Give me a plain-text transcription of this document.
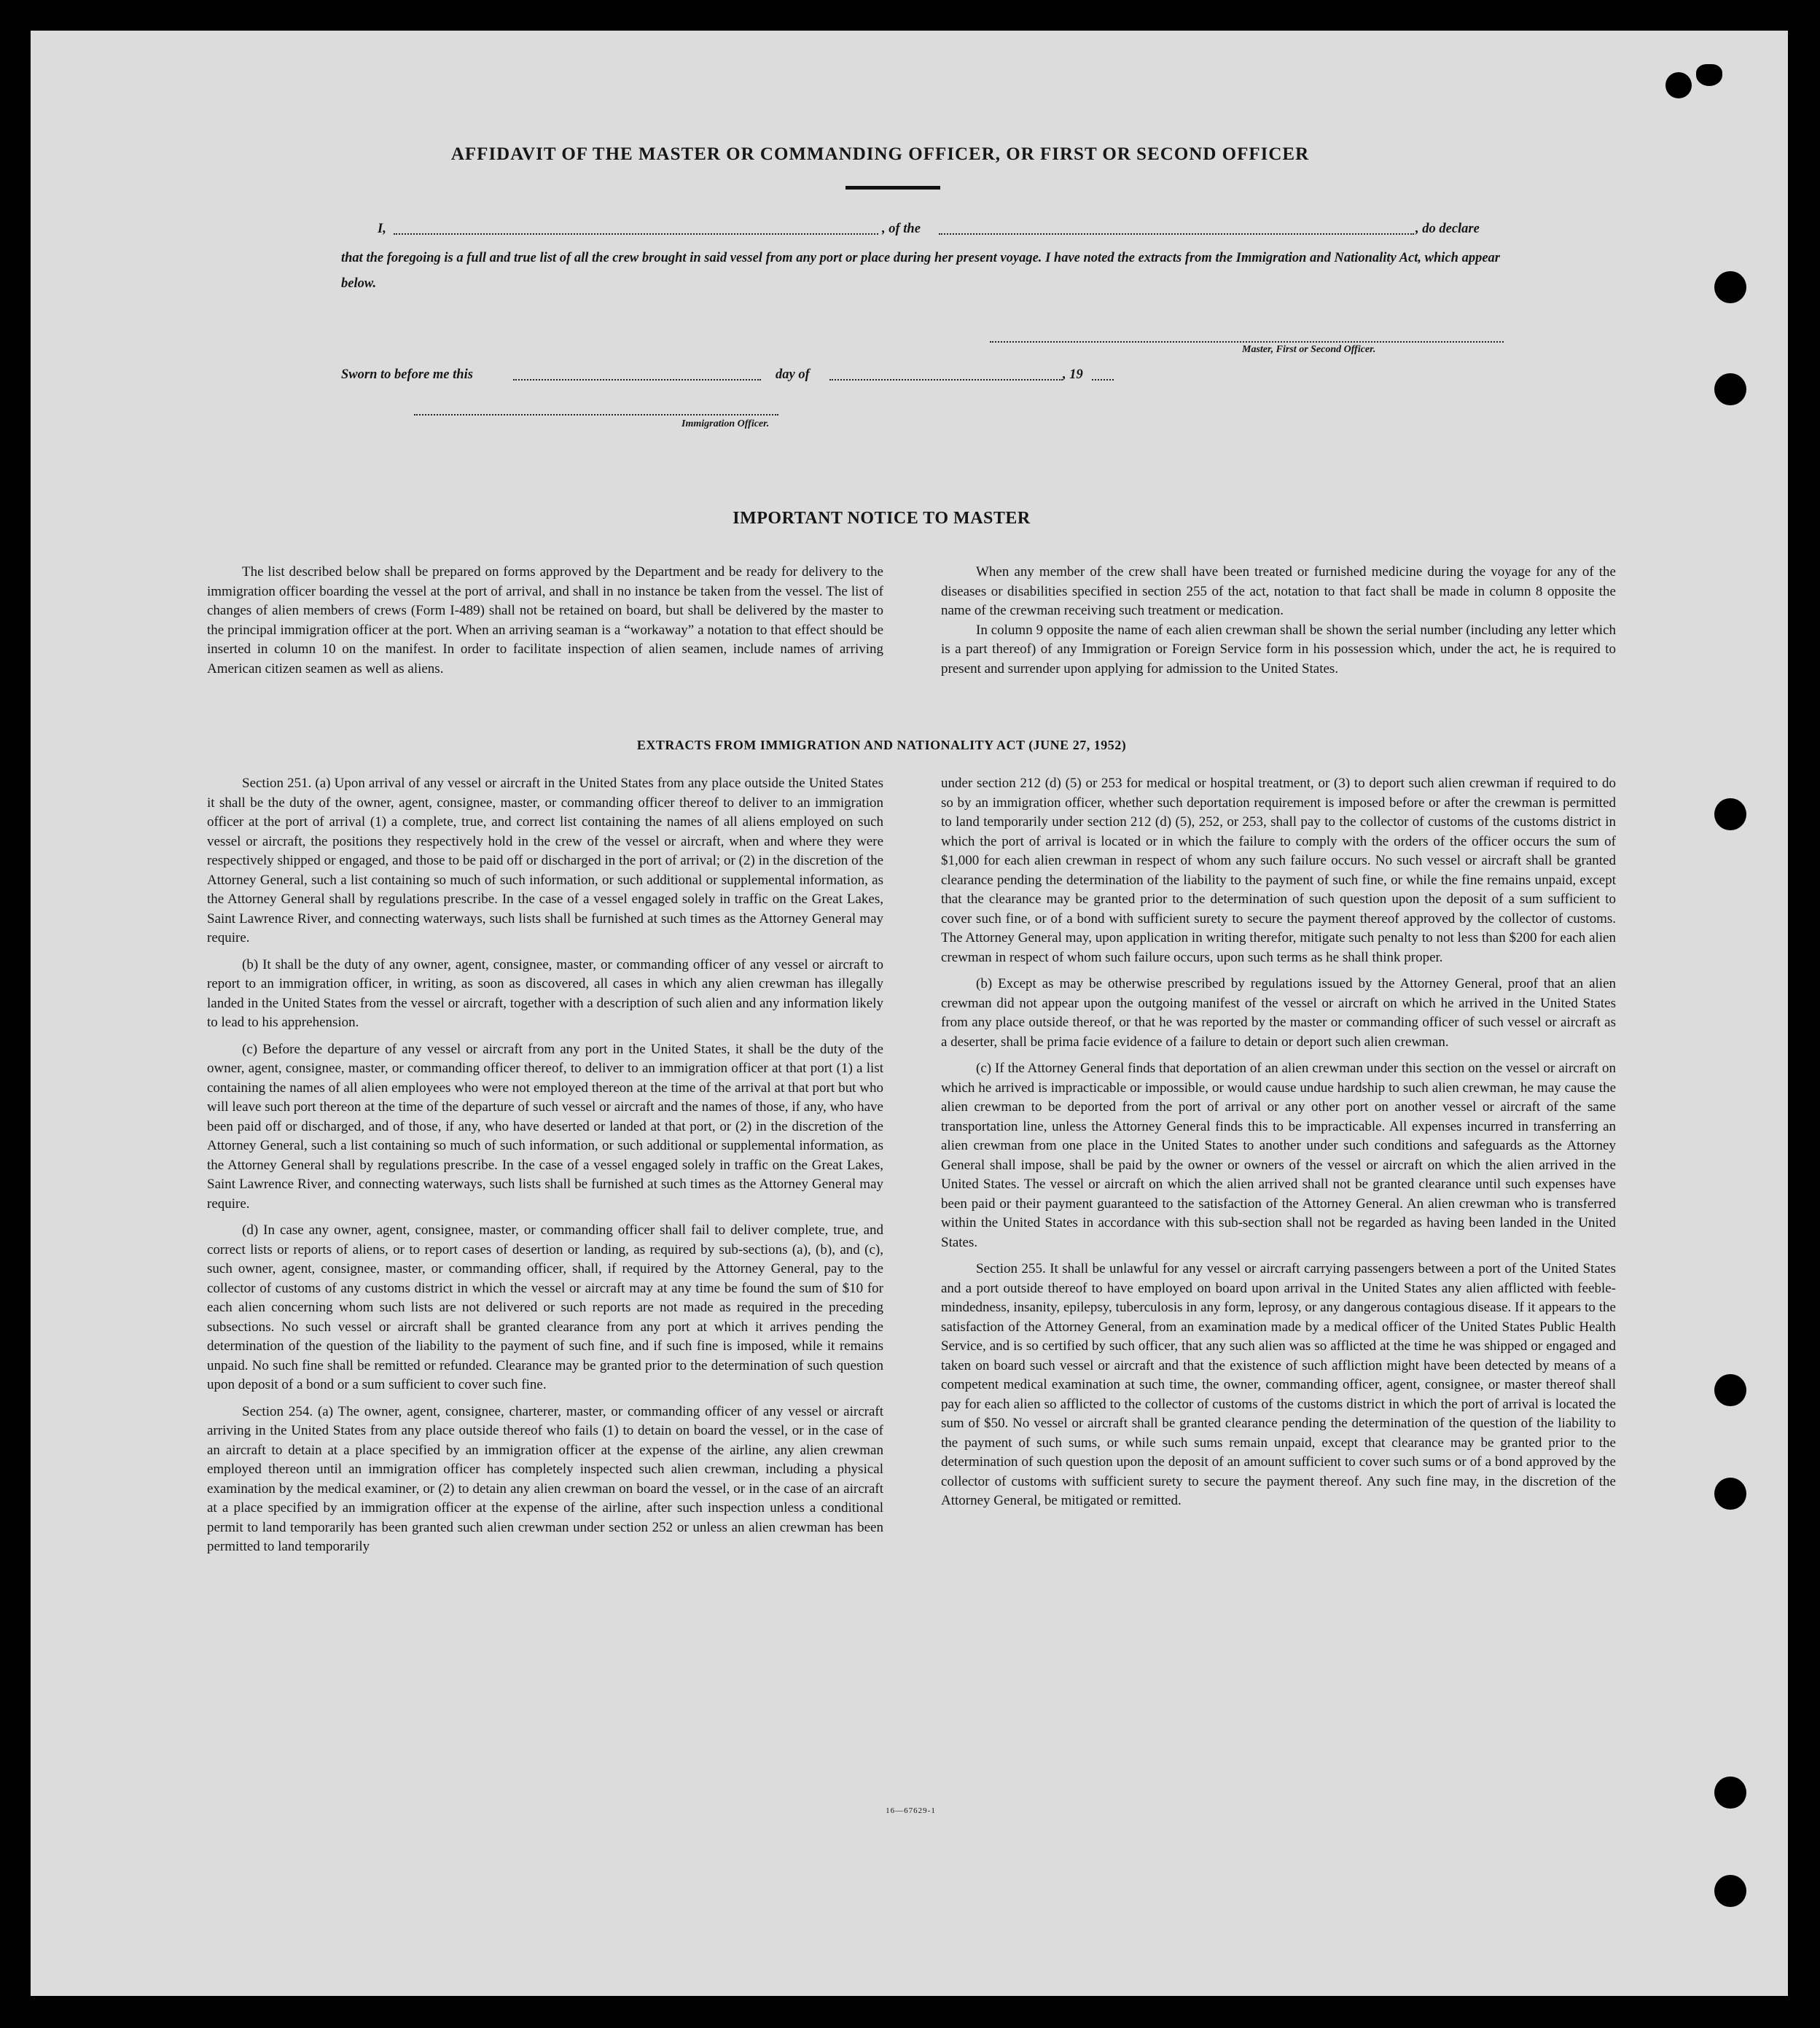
AFFIDAVIT OF THE MASTER OR COMMANDING OFFICER, OR FIRST OR SECOND OFFICER
I,	, of the	, do declare
that the foregoing is a full and true list of all the crew brought in said vessel from any port or place during her present voyage. I have noted the extracts from the Immigration and Nationality Act, which appear below.
Master, First or Second Officer.
Sworn to before me this	day of	, 19
Immigration Officer.
IMPORTANT NOTICE TO MASTER

The list described below shall be prepared on forms approved by the Department and be ready for delivery to the immigration officer boarding the vessel at the port of arrival, and shall in no instance be taken from the vessel. The list of changes of alien members of crews (Form I-489) shall not be retained on board, but shall be delivered by the master to the principal immigration officer at the port. When an arriving seaman is a “workaway” a notation to that effect should be inserted in column 10 on the manifest. In order to facilitate inspection of alien seamen, include names of arriving American citizen seamen as well as aliens.

When any member of the crew shall have been treated or furnished medicine during the voyage for any of the diseases or disabilities specified in section 255 of the act, notation to that fact shall be made in column 8 opposite the name of the crewman receiving such treatment or medication.

In column 9 opposite the name of each alien crewman shall be shown the serial number (including any letter which is a part thereof) of any Immigration or Foreign Service form in his possession which, under the act, he is required to present and surrender upon applying for admission to the United States.

EXTRACTS FROM IMMIGRATION AND NATIONALITY ACT (JUNE 27, 1952)

Section 251. (a) Upon arrival of any vessel or aircraft in the United States from any place outside the United States it shall be the duty of the owner, agent, consignee, master, or commanding officer thereof to deliver to an immigration officer at the port of arrival (1) a complete, true, and correct list containing the names of all aliens employed on such vessel or aircraft, the positions they respectively hold in the crew of the vessel or aircraft, when and where they were respectively shipped or engaged, and those to be paid off or discharged in the port of arrival; or (2) in the discretion of the Attorney General, such a list containing so much of such information, or such additional or supplemental information, as the Attorney General shall by regulations prescribe. In the case of a vessel engaged solely in traffic on the Great Lakes, Saint Lawrence River, and connecting waterways, such lists shall be furnished at such times as the Attorney General may require.

(b) It shall be the duty of any owner, agent, consignee, master, or commanding officer of any vessel or aircraft to report to an immigration officer, in writing, as soon as discovered, all cases in which any alien crewman has illegally landed in the United States from the vessel or aircraft, together with a description of such alien and any information likely to lead to his apprehension.

(c) Before the departure of any vessel or aircraft from any port in the United States, it shall be the duty of the owner, agent, consignee, master, or commanding officer thereof, to deliver to an immigration officer at that port (1) a list containing the names of all alien employees who were not employed thereon at the time of the arrival at that port but who will leave such port thereon at the time of the departure of such vessel or aircraft and the names of those, if any, who have been paid off or discharged, and of those, if any, who have deserted or landed at that port, or (2) in the discretion of the Attorney General, such a list containing so much of such information, or such additional or supplemental information, as the Attorney General shall by regulations prescribe. In the case of a vessel engaged solely in traffic on the Great Lakes, Saint Lawrence River, and connecting waterways, such lists shall be furnished at such times as the Attorney General may require.

(d) In case any owner, agent, consignee, master, or commanding officer shall fail to deliver complete, true, and correct lists or reports of aliens, or to report cases of desertion or landing, as required by sub-sections (a), (b), and (c), such owner, agent, consignee, master, or commanding officer, shall, if required by the Attorney General, pay to the collector of customs of any customs district in which the vessel or aircraft may at any time be found the sum of $10 for each alien concerning whom such lists are not delivered or such reports are not made as required in the preceding subsections. No such vessel or aircraft shall be granted clearance from any port at which it arrives pending the determination of the question of the liability to the payment of such fine, and if such fine is imposed, while it remains unpaid. No such fine shall be remitted or refunded. Clearance may be granted prior to the determination of such question upon deposit of a bond or a sum sufficient to cover such fine.

Section 254. (a) The owner, agent, consignee, charterer, master, or commanding officer of any vessel or aircraft arriving in the United States from any place outside thereof who fails (1) to detain on board the vessel, or in the case of an aircraft to detain at a place specified by an immigration officer at the expense of the airline, any alien crewman employed thereon until an immigration officer has completely inspected such alien crewman, including a physical examination by the medical examiner, or (2) to detain any alien crewman on board the vessel, or in the case of an aircraft at a place specified by an immigration officer at the expense of the airline, after such inspection unless a conditional permit to land temporarily has been granted such alien crewman under section 252 or unless an alien crewman has been permitted to land temporarily

under section 212 (d) (5) or 253 for medical or hospital treatment, or (3) to deport such alien crewman if required to do so by an immigration officer, whether such deportation requirement is imposed before or after the crewman is permitted to land temporarily under section 212 (d) (5), 252, or 253, shall pay to the collector of customs of the customs district in which the port of arrival is located or in which the failure to comply with the orders of the officer occurs the sum of $1,000 for each alien crewman in respect of whom any such failure occurs. No such vessel or aircraft shall be granted clearance pending the determination of the liability to the payment of such fine, or while the fine remains unpaid, except that the clearance may be granted prior to the determination of such question upon the deposit of a sum sufficient to cover such fine, or of a bond with sufficient surety to secure the payment thereof approved by the collector of customs. The Attorney General may, upon application in writing therefor, mitigate such penalty to not less than $200 for each alien crewman in respect of whom such failure occurs, upon such terms as he shall think proper.

(b) Except as may be otherwise prescribed by regulations issued by the Attorney General, proof that an alien crewman did not appear upon the outgoing manifest of the vessel or aircraft on which he arrived in the United States from any place outside thereof, or that he was reported by the master or commanding officer of such vessel or aircraft as a deserter, shall be prima facie evidence of a failure to detain or deport such alien crewman.

(c) If the Attorney General finds that deportation of an alien crewman under this section on the vessel or aircraft on which he arrived is impracticable or impossible, or would cause undue hardship to such alien crewman, he may cause the alien crewman to be deported from the port of arrival or any other port on another vessel or aircraft of the same transportation line, unless the Attorney General finds this to be impracticable. All expenses incurred in transferring an alien crewman from one place in the United States to another under such conditions and safeguards as the Attorney General shall impose, shall be paid by the owner or owners of the vessel or aircraft on which the alien arrived in the United States. The vessel or aircraft on which the alien arrived shall not be granted clearance until such expenses have been paid or their payment guaranteed to the satisfaction of the Attorney General. An alien crewman who is transferred within the United States in accordance with this sub-section shall not be regarded as having been landed in the United States.

Section 255. It shall be unlawful for any vessel or aircraft carrying passengers between a port of the United States and a port outside thereof to have employed on board upon arrival in the United States any alien afflicted with feeble-mindedness, insanity, epilepsy, tuberculosis in any form, leprosy, or any dangerous contagious disease. If it appears to the satisfaction of the Attorney General, from an examination made by a medical officer of the United States Public Health Service, and is so certified by such officer, that any such alien was so afflicted at the time he was shipped or engaged and taken on board such vessel or aircraft and that the existence of such affliction might have been detected by means of a competent medical examination at such time, the owner, commanding officer, agent, consignee, or master thereof shall pay for each alien so afflicted to the collector of customs of the customs district in which the port of arrival is located the sum of $50. No vessel or aircraft shall be granted clearance pending the determination of the question of the liability to the payment of such sums, or while such sums remain unpaid, except that clearance may be granted prior to the determination of such question upon the deposit of an amount sufficient to cover such sums or of a bond approved by the collector of customs with sufficient surety to secure the payment thereof. Any such fine may, in the discretion of the Attorney General, be mitigated or remitted.

16—67629-1
